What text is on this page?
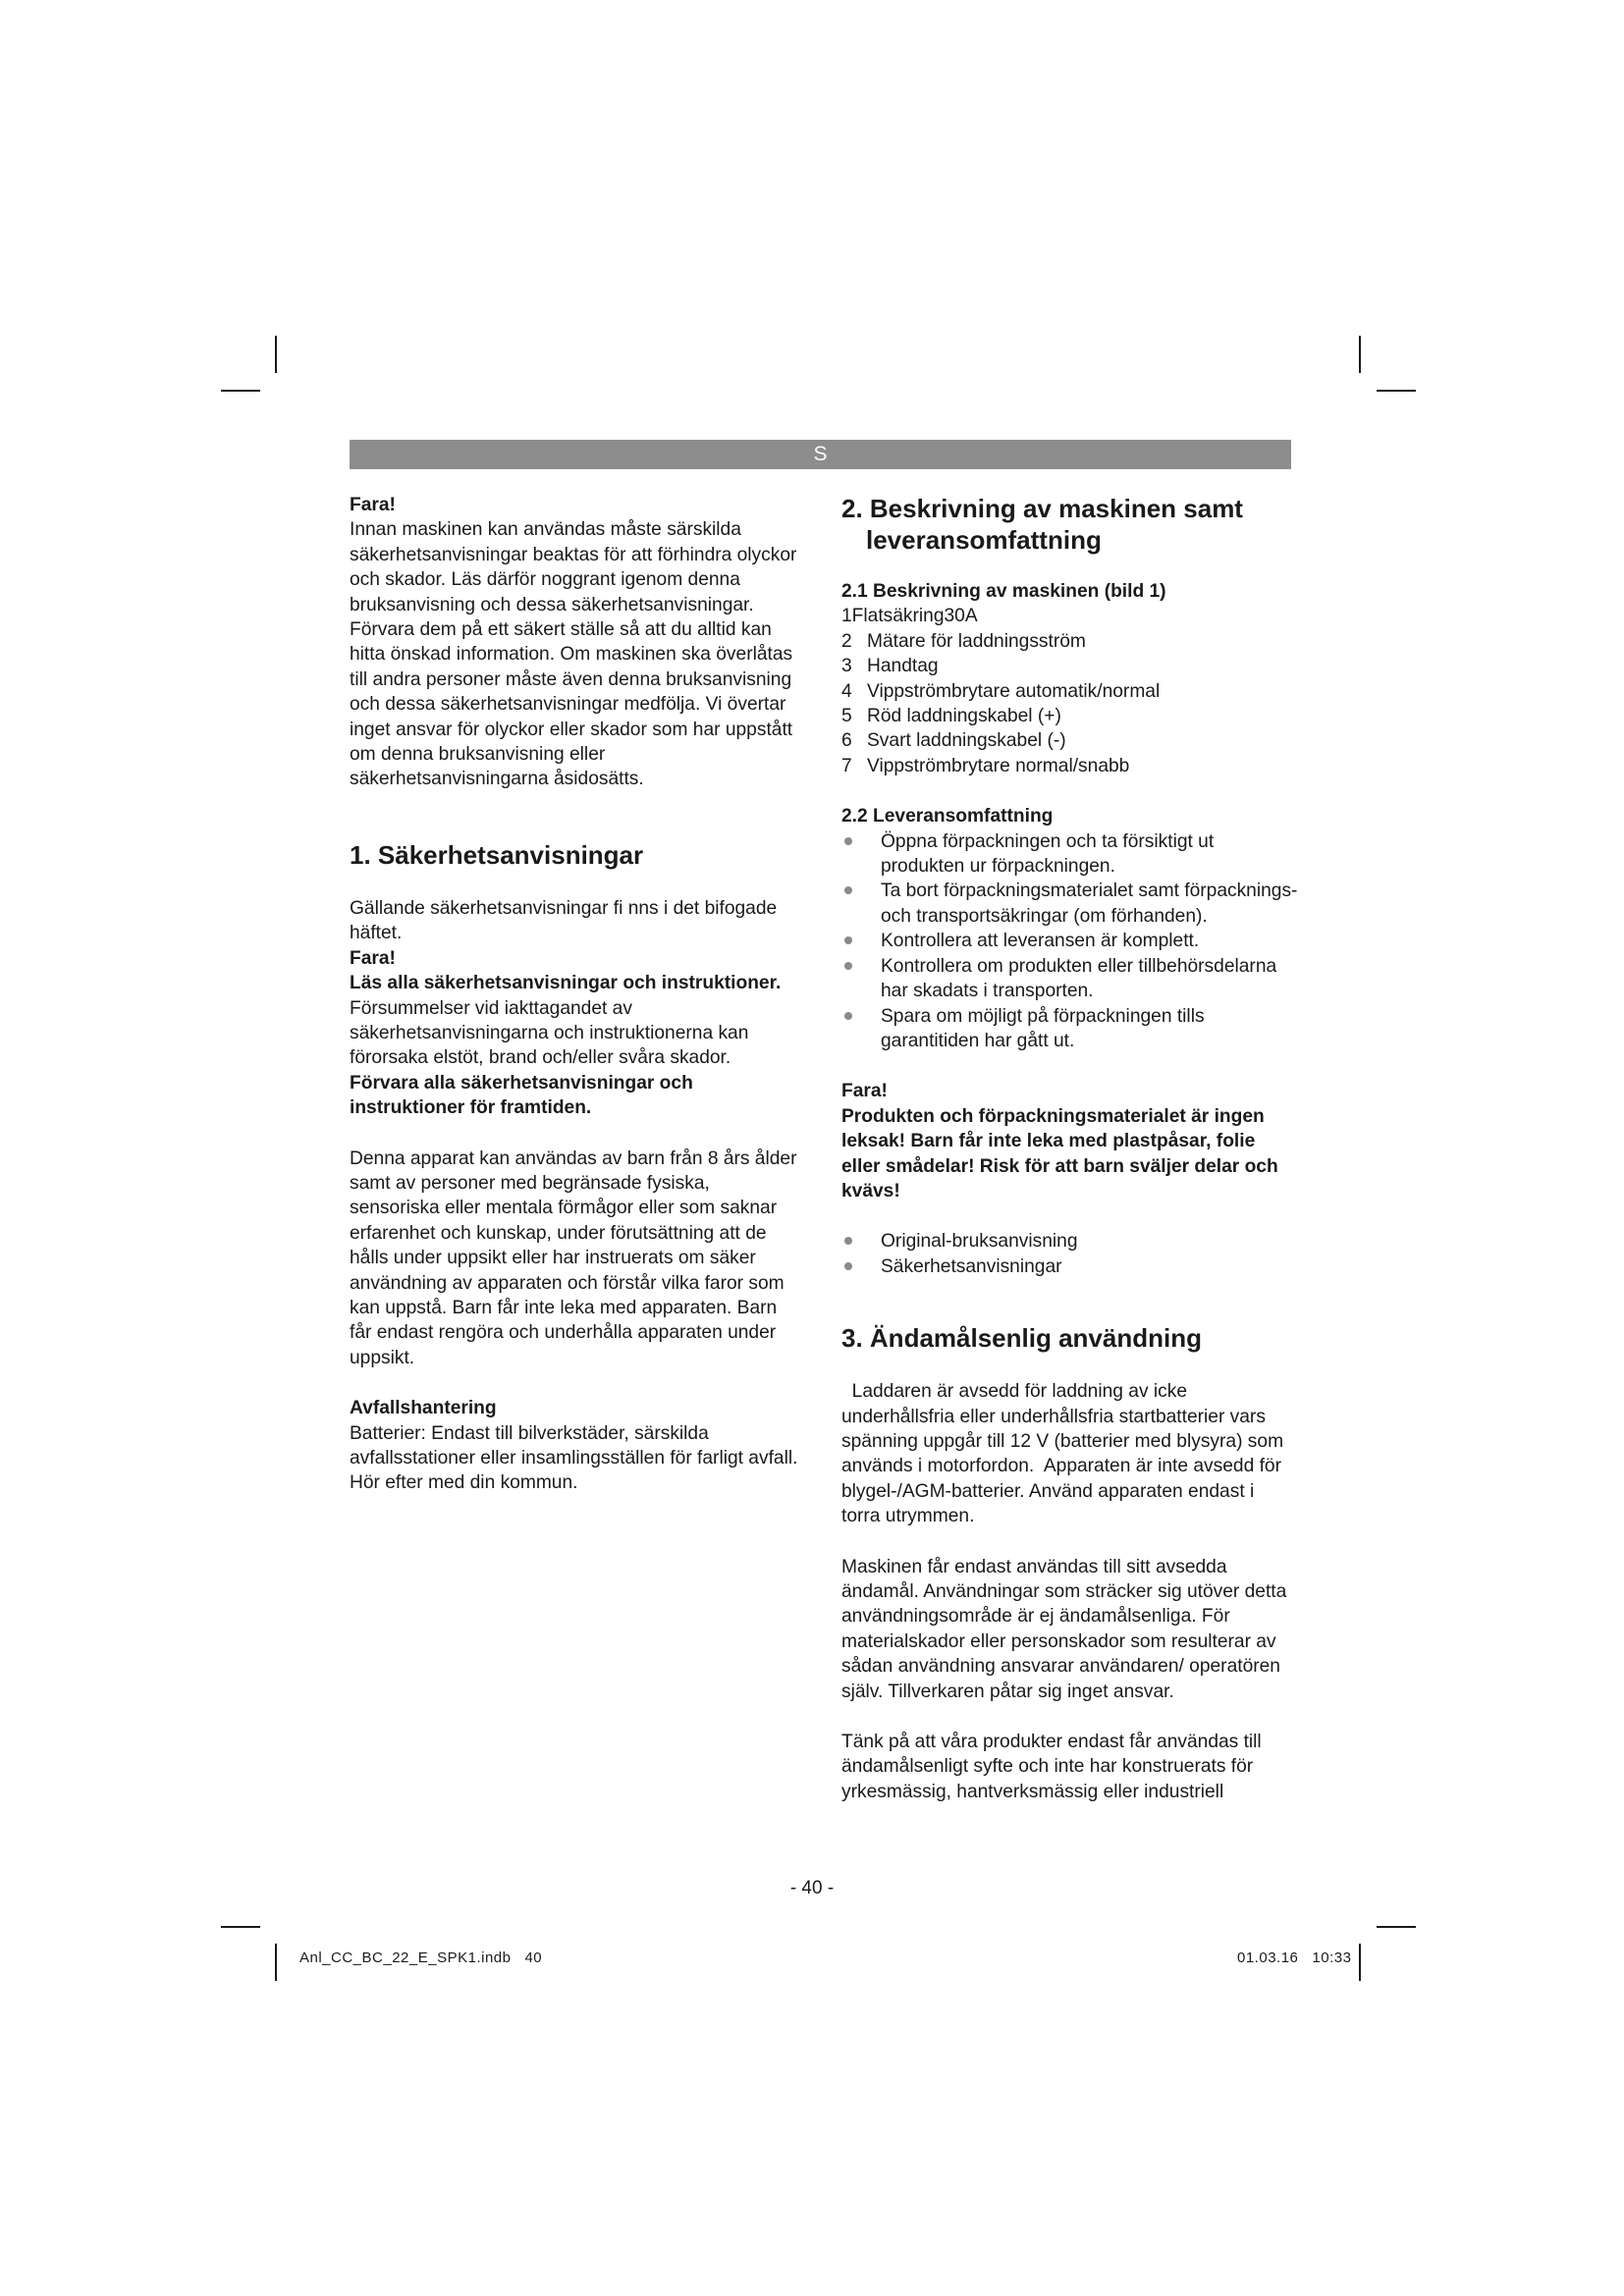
S

Fara!

Innan maskinen kan användas måste särskilda säkerhetsanvisningar beaktas för att förhindra olyckor och skador. Läs därför noggrant igenom denna bruksanvisning och dessa säkerhetsanvisningar. Förvara dem på ett säkert ställe så att du alltid kan hitta önskad information. Om maskinen ska överlåtas till andra personer måste även denna bruksanvisning och dessa säkerhetsanvisningar medfölja. Vi övertar inget ansvar för olyckor eller skador som har uppstått om denna bruksanvisning eller säkerhetsanvisningarna åsidosätts.

1. Säkerhetsanvisningar

Gällande säkerhetsanvisningar fi nns i det bifogade häftet.

Fara!

Läs alla säkerhetsanvisningar och instruktioner. Försummelser vid iakttagandet av säkerhetsanvisningarna och instruktionerna kan förorsaka elstöt, brand och/eller svåra skador. Förvara alla säkerhetsanvisningar och instruktioner för framtiden.

Denna apparat kan användas av barn från 8 års ålder samt av personer med begränsade fysiska, sensoriska eller mentala förmågor eller som saknar erfarenhet och kunskap, under förutsättning att de hålls under uppsikt eller har instruerats om säker användning av apparaten och förstår vilka faror som kan uppstå. Barn får inte leka med apparaten. Barn får endast rengöra och underhålla apparaten under uppsikt.

Avfallshantering

Batterier: Endast till bilverkstäder, särskilda avfallsstationer eller insamlingsställen för farligt avfall. Hör efter med din kommun.

2. Beskrivning av maskinen samt leveransomfattning
2.1 Beskrivning av maskinen (bild 1)

1Flatsäkring30A

2 Mätare för laddningsström
3 Handtag
4 Vippströmbrytare automatik/normal
5 Röd laddningskabel (+)
6 Svart laddningskabel (-)
7 Vippströmbrytare normal/snabb
2.2 Leveransomfattning
Öppna förpackningen och ta försiktigt ut produkten ur förpackningen.
Ta bort förpackningsmaterialet samt förpacknings- och transportsäkringar (om förhanden).
Kontrollera att leveransen är komplett.
Kontrollera om produkten eller tillbehörsdelarna har skadats i transporten.
Spara om möjligt på förpackningen tills garantitiden har gått ut.

Fara!

Produkten och förpackningsmaterialet är ingen leksak! Barn får inte leka med plastpåsar, folie eller smådelar! Risk för att barn sväljer delar och kvävs!

Original-bruksanvisning
Säkerhetsanvisningar
3. Ändamålsenlig användning

Laddaren är avsedd för laddning av icke underhållsfria eller underhållsfria startbatterier vars spänning uppgår till 12 V (batterier med blysyra) som används i motorfordon.  Apparaten är inte avsedd för blygel-/AGM-batterier. Använd apparaten endast i torra utrymmen.

Maskinen får endast användas till sitt avsedda ändamål. Användningar som sträcker sig utöver detta användningsområde är ej ändamålsenliga. För materialskador eller personskador som resulterar av sådan användning ansvarar användaren/ operatören själv. Tillverkaren påtar sig inget ansvar.

Tänk på att våra produkter endast får användas till ändamålsenligt syfte och inte har konstruerats för yrkesmässig, hantverksmässig eller industriell

- 40 -
Anl_CC_BC_22_E_SPK1.indb   40	01.03.16   10:33
